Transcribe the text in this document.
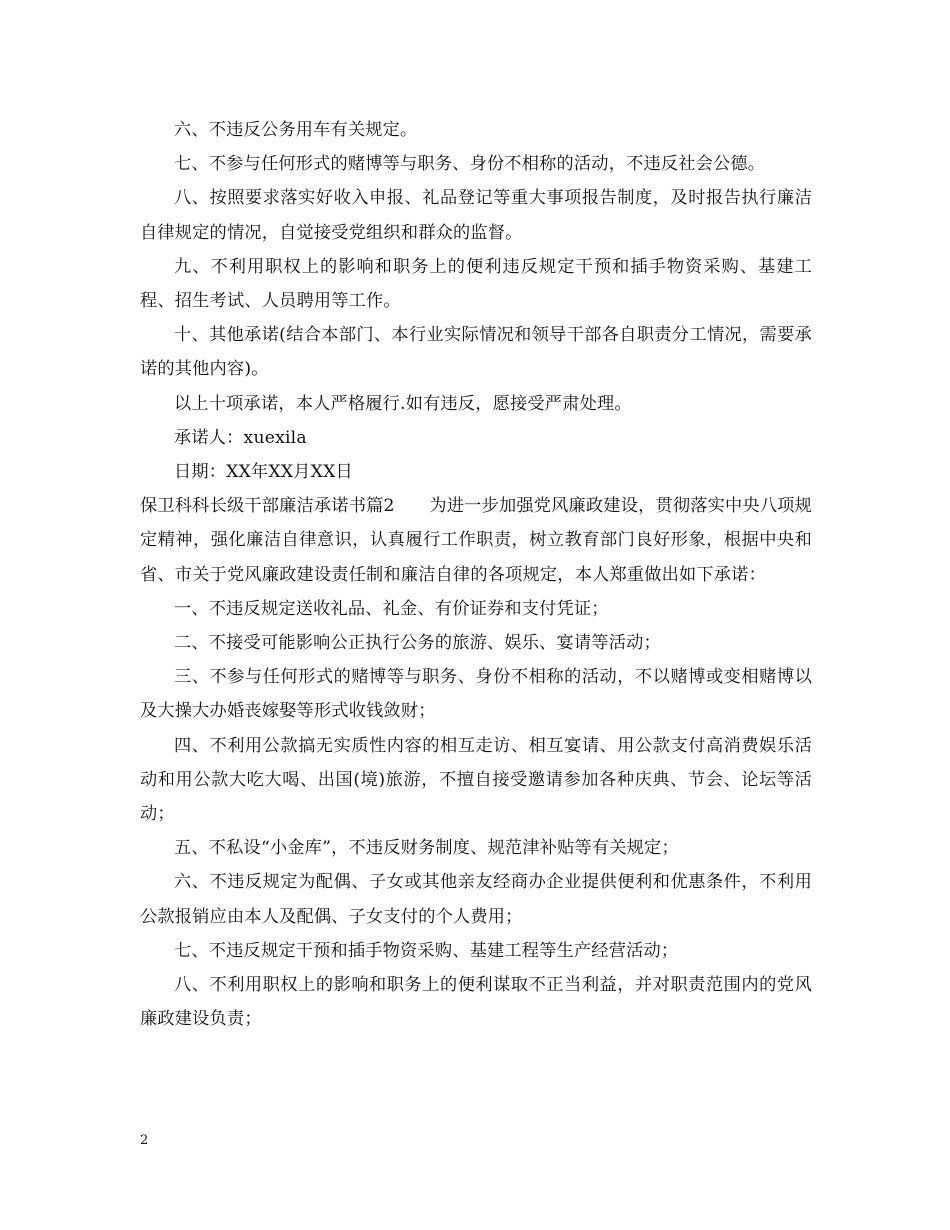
六、不违反公务用车有关规定。

七、不参与任何形式的赌博等与职务、身份不相称的活动，不违反社会公德。

八、按照要求落实好收入申报、礼品登记等重大事项报告制度，及时报告执行廉洁自律规定的情况，自觉接受党组织和群众的监督。

九、不利用职权上的影响和职务上的便利违反规定干预和插手物资采购、基建工程、招生考试、人员聘用等工作。

十、其他承诺(结合本部门、本行业实际情况和领导干部各自职责分工情况，需要承诺的其他内容)。

以上十项承诺，本人严格履行.如有违反，愿接受严肃处理。

承诺人：xuexila

日期：XX年XX月XX日

保卫科科长级干部廉洁承诺书篇2　　为进一步加强党风廉政建设，贯彻落实中央八项规定精神，强化廉洁自律意识，认真履行工作职责，树立教育部门良好形象，根据中央和省、市关于党风廉政建设责任制和廉洁自律的各项规定，本人郑重做出如下承诺：

一、不违反规定送收礼品、礼金、有价证券和支付凭证；

二、不接受可能影响公正执行公务的旅游、娱乐、宴请等活动；

三、不参与任何形式的赌博等与职务、身份不相称的活动，不以赌博或变相赌博以及大操大办婚丧嫁娶等形式收钱敛财；

四、不利用公款搞无实质性内容的相互走访、相互宴请、用公款支付高消费娱乐活动和用公款大吃大喝、出国(境)旅游，不擅自接受邀请参加各种庆典、节会、论坛等活动；

五、不私设“小金库”，不违反财务制度、规范津补贴等有关规定；

六、不违反规定为配偶、子女或其他亲友经商办企业提供便利和优惠条件，不利用公款报销应由本人及配偶、子女支付的个人费用；

七、不违反规定干预和插手物资采购、基建工程等生产经营活动；

八、不利用职权上的影响和职务上的便利谋取不正当利益，并对职责范围内的党风廉政建设负责；

2
